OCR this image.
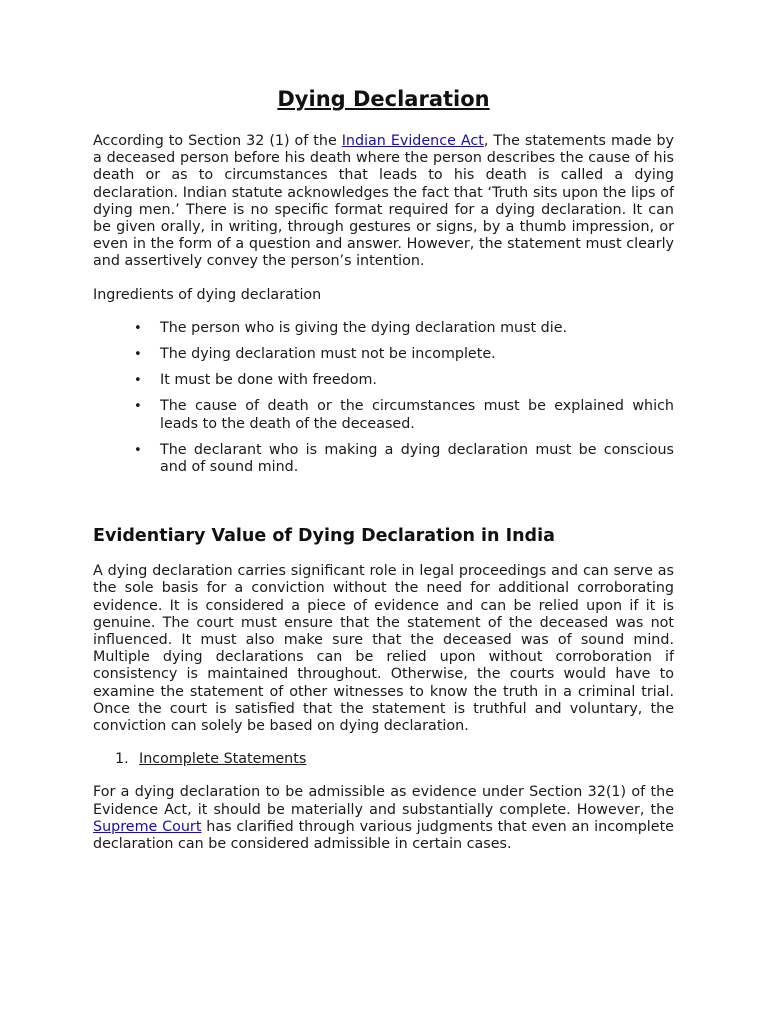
Dying Declaration

According to Section 32 (1) of the Indian Evidence Act, The statements made by a deceased person before his death where the person describes the cause of his death or as to circumstances that leads to his death is called a dying declaration. Indian statute acknowledges the fact that ‘Truth sits upon the lips of dying men.’ There is no specific format required for a dying declaration. It can be given orally, in writing, through gestures or signs, by a thumb impression, or even in the form of a question and answer. However, the statement must clearly and assertively convey the person’s intention.

Ingredients of dying declaration

• The person who is giving the dying declaration must die.
• The dying declaration must not be incomplete.
• It must be done with freedom.
• The cause of death or the circumstances must be explained which leads to the death of the deceased.
• The declarant who is making a dying declaration must be conscious and of sound mind.
Evidentiary Value of Dying Declaration in India

A dying declaration carries significant role in legal proceedings and can serve as the sole basis for a conviction without the need for additional corroborating evidence. It is considered a piece of evidence and can be relied upon if it is genuine. The court must ensure that the statement of the deceased was not influenced. It must also make sure that the deceased was of sound mind. Multiple dying declarations can be relied upon without corroboration if consistency is maintained throughout. Otherwise, the courts would have to examine the statement of other witnesses to know the truth in a criminal trial. Once the court is satisfied that the statement is truthful and voluntary, the conviction can solely be based on dying declaration.

1. Incomplete Statements

For a dying declaration to be admissible as evidence under Section 32(1) of the Evidence Act, it should be materially and substantially complete. However, the Supreme Court has clarified through various judgments that even an incomplete declaration can be considered admissible in certain cases.
